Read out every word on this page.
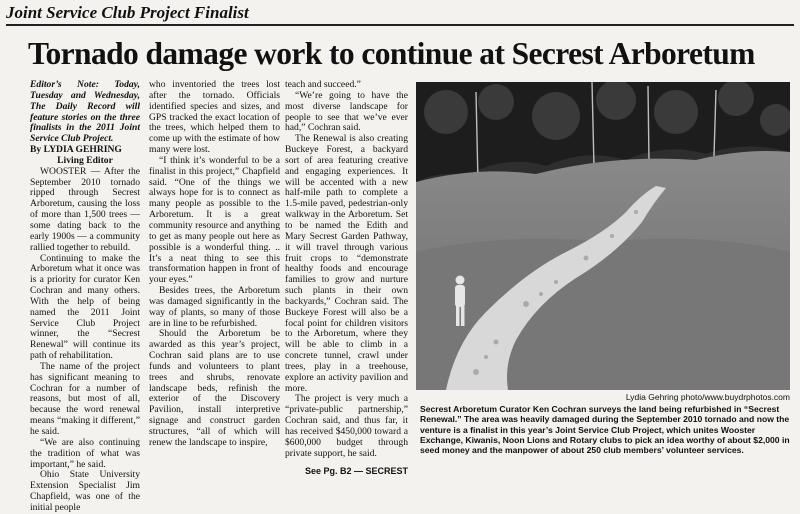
Joint Service Club Project Finalist
Tornado damage work to continue at Secrest Arboretum

Editor’s Note: Today, Tuesday and Wednesday, The Daily Record will feature stories on the three finalists in the 2011 Joint Service Club Project.

By LYDIA GEHRING

Living Editor

WOOSTER — After the September 2010 tornado ripped through Secrest Arboretum, causing the loss of more than 1,500 trees — some dating back to the early 1900s — a community rallied together to rebuild.

Continuing to make the Arboretum what it once was is a priority for curator Ken Cochran and many others. With the help of being named the 2011 Joint Service Club Project winner, the “Secrest Renewal” will continue its path of rehabilitation.

The name of the project has significant meaning to Cochran for a number of reasons, but most of all, because the word renewal means “making it different,” he said.

“We are also continuing the tradition of what was important,” he said.

Ohio State University Extension Specialist Jim Chapfield, was one of the initial people

who inventoried the trees lost after the tornado. Officials identified species and sizes, and GPS tracked the exact location of the trees, which helped them to come up with the estimate of how many were lost.

“I think it’s wonderful to be a finalist in this project,” Chapfield said. “One of the things we always hope for is to connect as many people as possible to the Arboretum. It is a great community resource and anything to get as many people out here as possible is a wonderful thing. .. It’s a neat thing to see this transformation happen in front of your eyes.”

Besides trees, the Arboretum was damaged significantly in the way of plants, so many of those are in line to be refurbished.

Should the Arboretum be awarded as this year’s project, Cochran said plans are to use funds and volunteers to plant trees and shrubs, renovate landscape beds, refinish the exterior of the Discovery Pavilion, install interpretive signage and construct garden structures, “all of which will renew the landscape to inspire,

teach and succeed.”

“We’re going to have the most diverse landscape for people to see that we’ve ever had,” Cochran said.

The Renewal is also creating Buckeye Forest, a backyard sort of area featuring creative and engaging experiences. It will be accented with a new half-mile path to complete a 1.5-mile paved, pedestrian-only walkway in the Arboretum. Set to be named the Edith and Mary Secrest Garden Pathway, it will travel through various fruit crops to “demonstrate healthy foods and encourage families to grow and nurture such plants in their own backyards,” Cochran said. The Buckeye Forest will also be a focal point for children visitors to the Arboretum, where they will be able to climb in a concrete tunnel, crawl under trees, play in a treehouse, explore an activity pavilion and more.

The project is very much a “private-public partnership,” Cochran said, and thus far, it has received $450,000 toward a $600,000 budget through private support, he said.

See Pg. B2 — SECREST

Lydia Gehring photo/www.buydrphotos.com
Secrest Arboretum Curator Ken Cochran surveys the land being refurbished in “Secrest Renewal.” The area was heavily damaged during the September 2010 tornado and now the venture is a finalist in this year’s Joint Service Club Project, which unites Wooster Exchange, Kiwanis, Noon Lions and Rotary clubs to pick an idea worthy of about $2,000 in seed money and the manpower of about 250 club members’ volunteer services.
